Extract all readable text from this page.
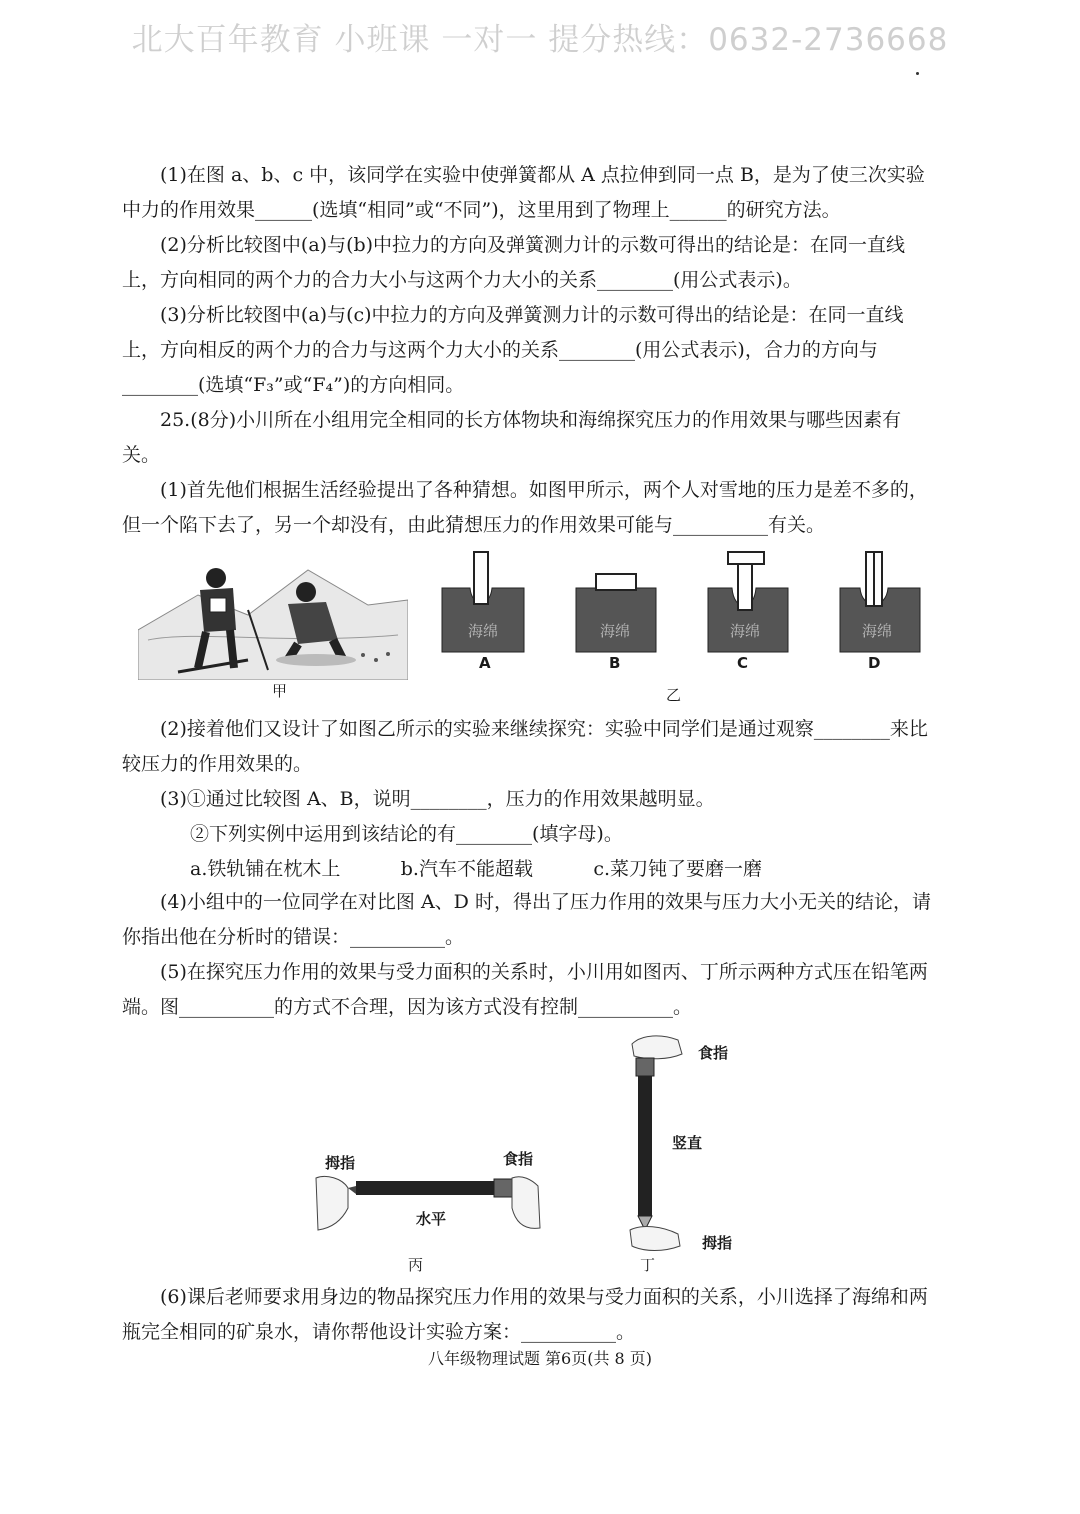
北大百年教育 小班课 一对一 提分热线：0632-2736668

(1)在图 a、b、c 中，该同学在实验中使弹簧都从 A 点拉伸到同一点 B，是为了使三次实验中力的作用效果______(选填“相同”或“不同”)，这里用到了物理上______的研究方法。

(2)分析比较图中(a)与(b)中拉力的方向及弹簧测力计的示数可得出的结论是：在同一直线上，方向相同的两个力的合力大小与这两个力大小的关系________(用公式表示)。

(3)分析比较图中(a)与(c)中拉力的方向及弹簧测力计的示数可得出的结论是：在同一直线上，方向相反的两个力的合力与这两个力大小的关系________(用公式表示)，合力的方向与________(选填“F₃”或“F₄”)的方向相同。

25.(8分)小川所在小组用完全相同的长方体物块和海绵探究压力的作用效果与哪些因素有关。

(1)首先他们根据生活经验提出了各种猜想。如图甲所示，两个人对雪地的压力是差不多的，但一个陷下去了，另一个却没有，由此猜想压力的作用效果可能与__________有关。

甲

海绵	海绵	海绵	海绵

A	B	C	D

乙

(2)接着他们又设计了如图乙所示的实验来继续探究：实验中同学们是通过观察________来比较压力的作用效果的。

(3)①通过比较图 A、B，说明________，压力的作用效果越明显。

②下列实例中运用到该结论的有________(填字母)。

a.铁轨铺在枕木上          b.汽车不能超载          c.菜刀钝了要磨一磨

(4)小组中的一位同学在对比图 A、D 时，得出了压力作用的效果与压力大小无关的结论，请你指出他在分析时的错误：__________。

(5)在探究压力作用的效果与受力面积的关系时，小川用如图丙、丁所示两种方式压在铅笔两端。图__________的方式不合理，因为该方式没有控制__________。

拇指	食指

水平

丙

食指

竖直

拇指

丁

(6)课后老师要求用身边的物品探究压力作用的效果与受力面积的关系，小川选择了海绵和两瓶完全相同的矿泉水，请你帮他设计实验方案：__________。

八年级物理试题 第6页(共 8 页)
